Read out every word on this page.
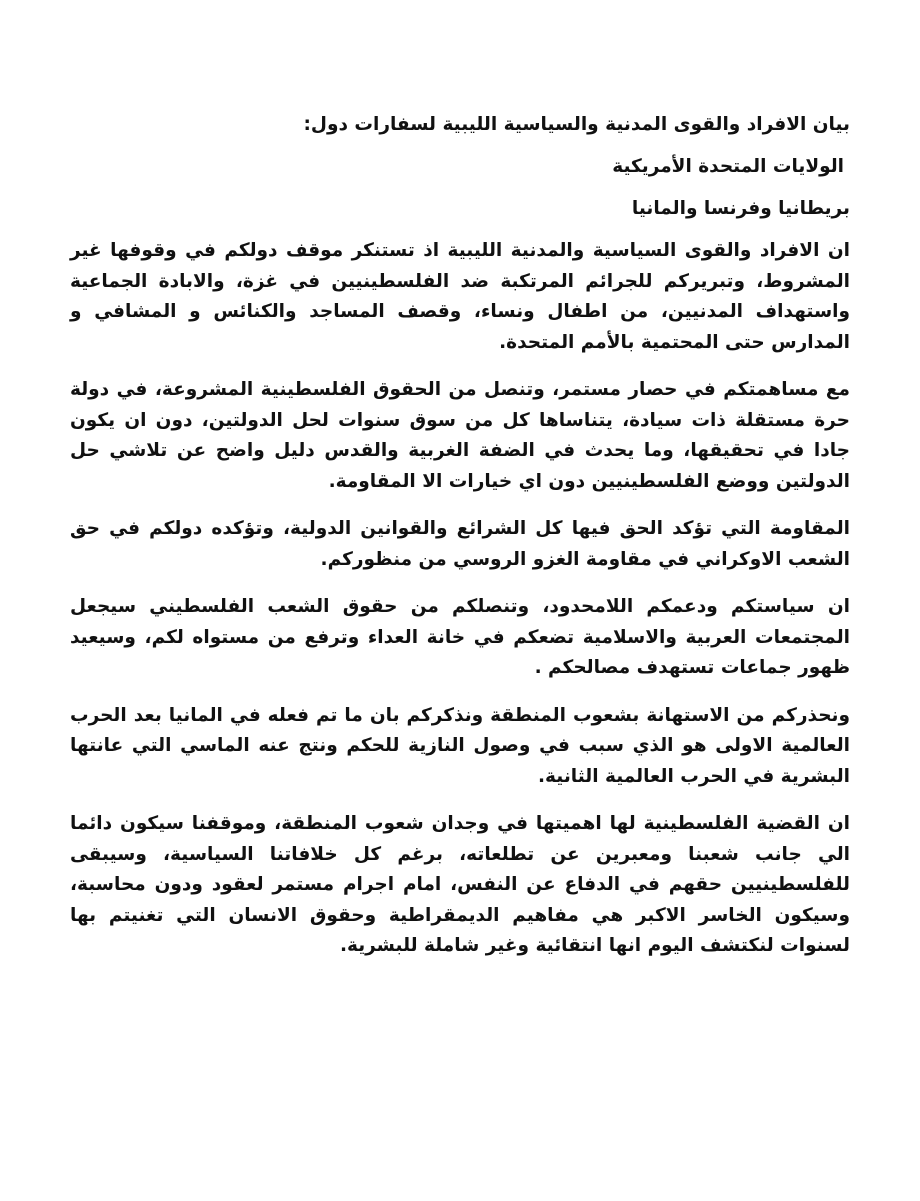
بيان الافراد والقوى المدنية والسياسية الليبية لسفارات دول:
الولايات المتحدة الأمريكية
بريطانيا وفرنسا والمانيا

ان الافراد والقوى السياسية والمدنية الليبية اذ تستنكر موقف دولكم في وقوفها غير المشروط، وتبريركم للجرائم المرتكبة ضد الفلسطينيين في غزة، والابادة الجماعية واستهداف المدنيين، من اطفال ونساء، وقصف المساجد والكنائس و المشافي و المدارس حتى المحتمية بالأمم المتحدة.

مع مساهمتكم في حصار مستمر، وتنصل من الحقوق الفلسطينية المشروعة، في دولة حرة مستقلة ذات سيادة، يتناساها كل من سوق سنوات لحل الدولتين، دون ان يكون جادا في تحقيقها، وما يحدث في الضفة الغربية والقدس دليل واضح عن تلاشي حل الدولتين ووضع الفلسطينيين دون اي خيارات الا المقاومة.

المقاومة التي تؤكد الحق فيها كل الشرائع والقوانين الدولية، وتؤكده دولكم في حق الشعب الاوكراني في مقاومة الغزو الروسي من منظوركم.

ان سياستكم ودعمكم اللامحدود، وتنصلكم من حقوق الشعب الفلسطيني سيجعل المجتمعات العربية والاسلامية تضعكم في خانة العداء وترفع من مستواه لكم، وسيعيد ظهور جماعات تستهدف مصالحكم .

ونحذركم من الاستهانة بشعوب المنطقة ونذكركم بان ما تم فعله في المانيا بعد الحرب العالمية الاولى هو الذي سبب في وصول النازية للحكم ونتج عنه الماسي التي عانتها البشرية في الحرب العالمية الثانية.

ان القضية الفلسطينية لها اهميتها في وجدان شعوب المنطقة، وموقفنا سيكون دائما الي جانب شعبنا ومعبرين عن تطلعاته، برغم كل خلافاتنا السياسية، وسيبقى للفلسطينيين حقهم في الدفاع عن النفس، امام اجرام مستمر لعقود ودون محاسبة، وسيكون الخاسر الاكبر هي مفاهيم الديمقراطية وحقوق الانسان التي تغنيتم بها لسنوات لنكتشف اليوم انها انتقائية وغير شاملة للبشرية.
